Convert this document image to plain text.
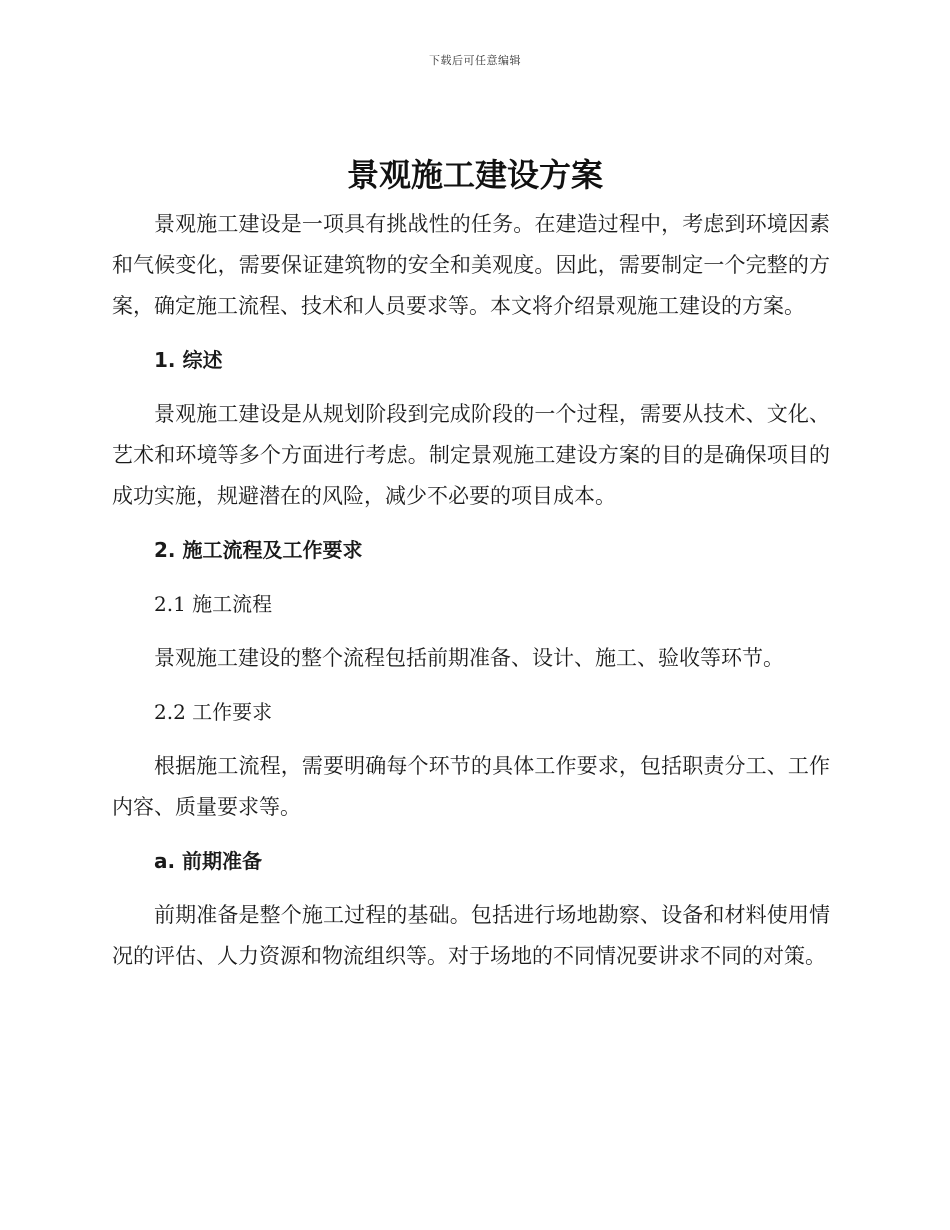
下载后可任意编辑
景观施工建设方案

景观施工建设是一项具有挑战性的任务。在建造过程中，考虑到环境因素和气候变化，需要保证建筑物的安全和美观度。因此，需要制定一个完整的方案，确定施工流程、技术和人员要求等。本文将介绍景观施工建设的方案。

1. 综述

景观施工建设是从规划阶段到完成阶段的一个过程，需要从技术、文化、艺术和环境等多个方面进行考虑。制定景观施工建设方案的目的是确保项目的成功实施，规避潜在的风险，减少不必要的项目成本。

2. 施工流程及工作要求
2.1 施工流程

景观施工建设的整个流程包括前期准备、设计、施工、验收等环节。

2.2 工作要求

根据施工流程，需要明确每个环节的具体工作要求，包括职责分工、工作内容、质量要求等。

a. 前期准备

前期准备是整个施工过程的基础。包括进行场地勘察、设备和材料使用情况的评估、人力资源和物流组织等。对于场地的不同情况要讲求不同的对策。
